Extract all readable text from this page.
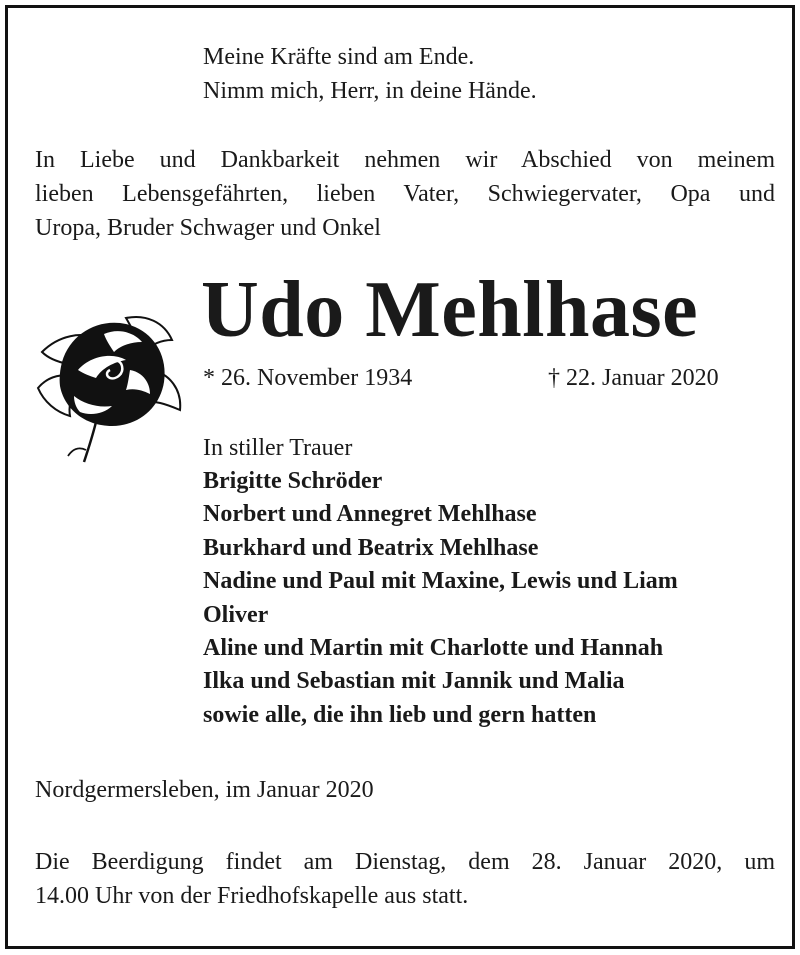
Meine Kräfte sind am Ende.
Nimm mich, Herr, in deine Hände.
In Liebe und Dankbarkeit nehmen wir Abschied von meinem
lieben Lebensgefährten, lieben Vater, Schwiegervater, Opa und
Uropa, Bruder Schwager und Onkel
Udo Mehlhase
* 26. November 1934	† 22. Januar 2020
In stiller Trauer
Brigitte Schröder
Norbert und Annegret Mehlhase
Burkhard und Beatrix Mehlhase
Nadine und Paul mit Maxine, Lewis und Liam
Oliver
Aline und Martin mit Charlotte und Hannah
Ilka und Sebastian mit Jannik und Malia
sowie alle, die ihn lieb und gern hatten
Nordgermersleben, im Januar 2020
Die Beerdigung findet am Dienstag, dem 28. Januar 2020, um
14.00 Uhr von der Friedhofskapelle aus statt.
